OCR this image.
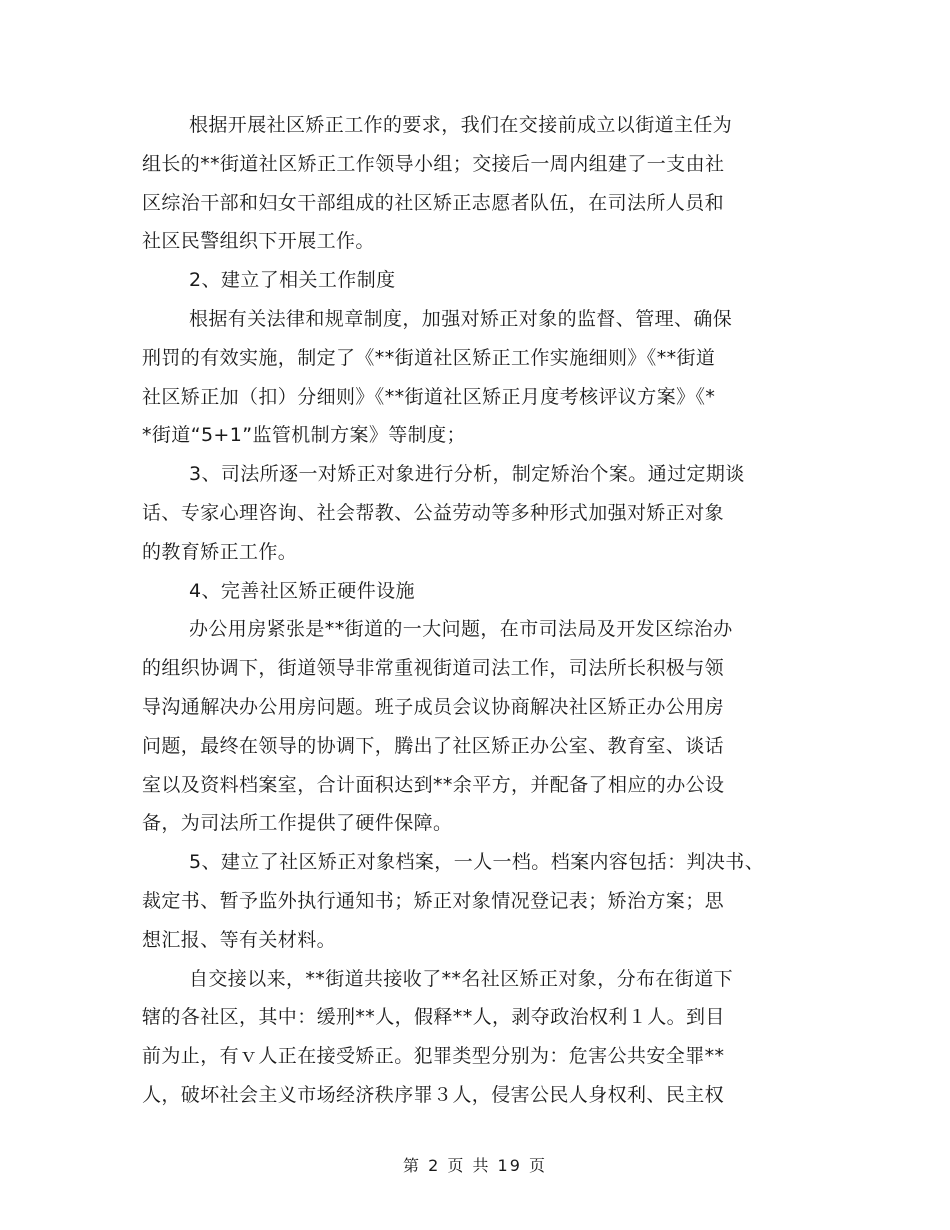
根据开展社区矫正工作的要求，我们在交接前成立以街道主任为
组长的**街道社区矫正工作领导小组；交接后一周内组建了一支由社
区综治干部和妇女干部组成的社区矫正志愿者队伍，在司法所人员和
社区民警组织下开展工作。
2、建立了相关工作制度
根据有关法律和规章制度，加强对矫正对象的监督、管理、确保
刑罚的有效实施，制定了《**街道社区矫正工作实施细则》《**街道
社区矫正加（扣）分细则》《**街道社区矫正月度考核评议方案》《*
*街道“5+1”监管机制方案》等制度；
3、司法所逐一对矫正对象进行分析，制定矫治个案。通过定期谈
话、专家心理咨询、社会帮教、公益劳动等多种形式加强对矫正对象
的教育矫正工作。
4、完善社区矫正硬件设施
办公用房紧张是**街道的一大问题，在市司法局及开发区综治办
的组织协调下，街道领导非常重视街道司法工作，司法所长积极与领
导沟通解决办公用房问题。班子成员会议协商解决社区矫正办公用房
问题，最终在领导的协调下，腾出了社区矫正办公室、教育室、谈话
室以及资料档案室，合计面积达到**余平方，并配备了相应的办公设
备，为司法所工作提供了硬件保障。
5、建立了社区矫正对象档案，一人一档。档案内容包括：判决书、
裁定书、暂予监外执行通知书；矫正对象情况登记表；矫治方案；思
想汇报、等有关材料。
自交接以来，**街道共接收了**名社区矫正对象，分布在街道下
辖的各社区，其中：缓刑**人，假释**人，剥夺政治权利１人。到目
前为止，有ｖ人正在接受矫正。犯罪类型分别为：危害公共安全罪**
人，破坏社会主义市场经济秩序罪３人，侵害公民人身权利、民主权
第 2 页 共 19 页
